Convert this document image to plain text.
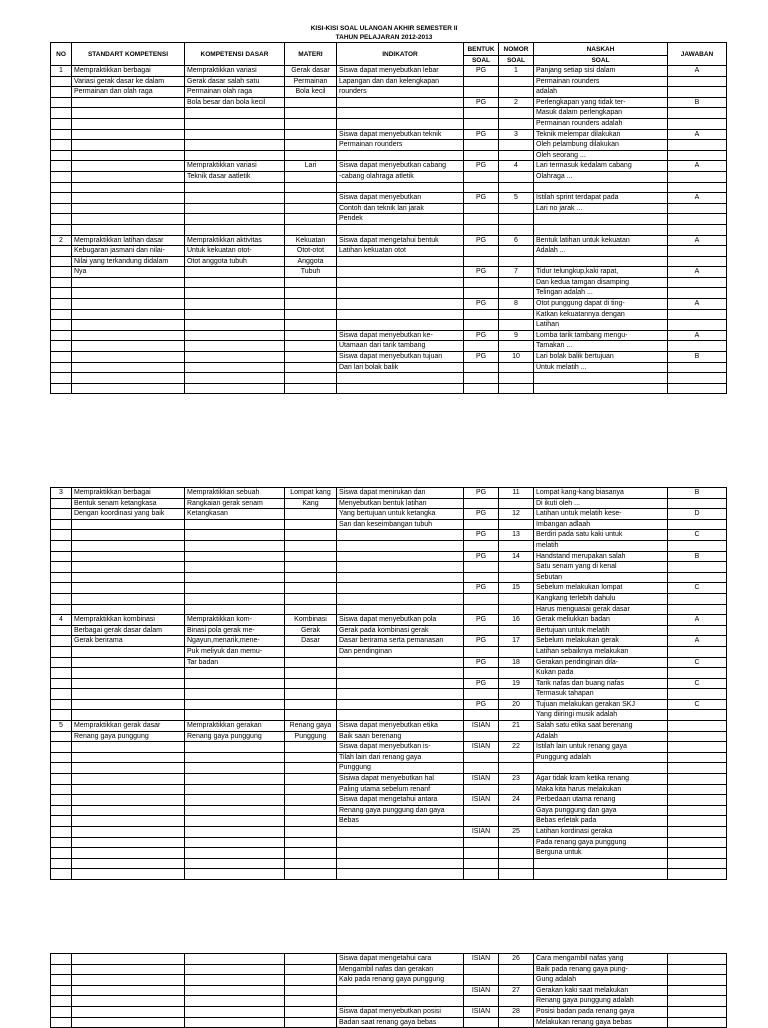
KISI-KISI SOAL ULANGAN AKHIR SEMESTER II
TAHUN PELAJARAN 2012-2013
NO	STANDART KOMPETENSI	KOMPETENSI DASAR	MATERI	INDIKATOR	BENTUK	NOMOR	NASKAH	JAWABAN
					SOAL	SOAL	SOAL	
1	Mempraktikkan berbagai	Mempraktikkan variasi	Gerak dasar	Siswa dapat menyebutkan lebar	PG	1	Panjang setiap sisi dalam	A
	Variasi gerak dasar ke dalam	Gerak dasar salah satu	Permainan	Lapangan dan dan kelengkapan			Permainan rounders	
	Permainan dan olah raga	Permainan olah raga	Bola kecil	rounders			adalah	
		Bola besar dan bola kecil			PG	2	Perlengkapan yang tidak ter-	B
							Masuk dalam perlengkapan	
							Permainan rounders adalah	
				Siswa dapat menyebutkan teknik	PG	3	Teknik melempar dilakukan	A
				Permainan rounders			Oleh pelambung dilakukan	
							Oleh seorang ...	
		Mempraktikkan variasi	Lari	Siswa dapat menyebutkan cabang	PG	4	Lari termasuk kedalam cabang	A
		Teknik dasar aatletik		-cabang olahraga atletik			Olahraga ...	

				Siswa dapat menyebutkan	PG	5	Istilah sprint terdapat pada	A
				Contoh dan teknik lari jarak			Lari no jarak ...	
				Pendek				

2	Mempraktikkan latihan dasar	Mempraktikkan aktivitas	Kekuatan	Siswa dapat mengetahui bentuk	PG	6	Bentuk latihan untuk kekuatan	A
	Kebugaran jasmani dan nilai-	Untuk kekuatan otot-	Otot-otot	Latihan kekuatan otot			Adalah ...	
	Nilai yang terkandung didalam	Otot anggota tubuh	Anggota					
	Nya		Tubuh		PG	7	Tidur telungkup,kaki rapat,	A
							Dan kedua tamgan disamping	
							Telingan adalah ...	
					PG	8	Otot punggung dapat di ting-	A
							Katkan kekuatannya dengan	
							Latihan	
				Siswa dapat menyebutkan ke-	PG	9	Lomba tarik tambang mengu-	A
				Utamaan dari tarik tambang			Tamakan ...	
				Siswa dapat menyebutkan tujuan	PG	10	Lari bolak balik bertujuan	B
				Dari lari bolak balik			Untuk melatih ...	

3	Mempraktikkan berbagai	Mempraktikkan sebuah	Lompat kang	Siswa dapat menirukan dan	PG	11	Lompat kang-kang biasanya	B
	Bentuk senam ketangkasa	Rangkaian gerak senam	Kang	Menyebutkan bentuk latihan			Di ikuti oleh ...	
	Dengan koordinasi yang baik	Ketangkasan		Yang bertujuan untuk ketangka	PG	12	Latihan untuk melatih kese-	D
				San dan keseimbangan tubuh			Imbangan adlaah	
					PG	13	Berdiri pada satu kaki untuk	C
							melatih	
					PG	14	Handstand merupakan salah	B
							Satu senam yang di kenal	
							Sebutan	
					PG	15	Sebelum melakukan lompat	C
							Kangkang terlebih dahulu	
							Harus menguasai gerak dasar	
4	Mempraktikkan kombinasi	Mempraktikkan kom-	Kombinasi	Siswa dapat menyebutkan pola	PG	16	Gerak meliukkan badan	A
	Berbagai gerak dasar dalam	Binasi pola gerak me-	Gerak	Gerak pada kombinasi gerak			Bertujuan untuk melatih	
	Gerak berirama	Ngayun,menarik,mene-	Dasar	Dasar berirama serta pemanasan	PG	17	Sebelum melakukan gerak	A
		Puk meliyuk dan memu-		Dan pendinginan			Latihan sebaiknya melakukan	
		Tar badan			PG	18	Gerakan pendinginan dila-	C
							Kukan pada	
					PG	19	Tarik nafas dan buang nafas	C
							Termasuk tahapan	
					PG	20	Tujuan melakukan gerakan SKJ	C
							Yang diiringi musik adalah	
5	Mempraktikkan gerak dasar	Mempraktikkan gerakan	Renang gaya	Siswa dapat menyebutkan etika	ISIAN	21	Salah satu etika saat berenang	
	Renang gaya punggung	Renang gaya punggung	Punggung	Baik saan berenang			Adalah	
				Siswa dapat menyebutkan is-	ISIAN	22	Istilah lain untuk renang gaya	
				Tilah lain dari renang gaya			Punggung adalah	
				Punggung				
				Sisiwa dapat menyebutkan hal	ISIAN	23	Agar tidak kram ketika renang	
				Paling utama sebelum renanf			Maka kita harus melakukan	
				Siswa dapat mengetahui antara	ISIAN	24	Perbedaan utama renang	
				Renang gaya punggung dan gaya			Gaya punggung dan gaya	
				Bebas			Bebas erletak pada	
					ISIAN	25	Latihan kordinasi geraka	
							Pada renang gaya punggung	
							Berguna untuk	

				Siswa dapat mengetahui cara	ISIAN	26	Cara mengambil nafas yang	
				Mengambil nafas dan gerakan			Baik pada renang gaya pung-	
				Kaki pada renang gaya punggung			Gung adalah	
					ISIAN	27	Gerakan kaki saat melakukan	
							Renang gaya punggung adalah	
				Siswa dapat menyebutkan posisi	ISIAN	28	Posisi badan pada renang gaya	
				Badan saat renang gaya bebas			Melakukan renang gaya bebas	
